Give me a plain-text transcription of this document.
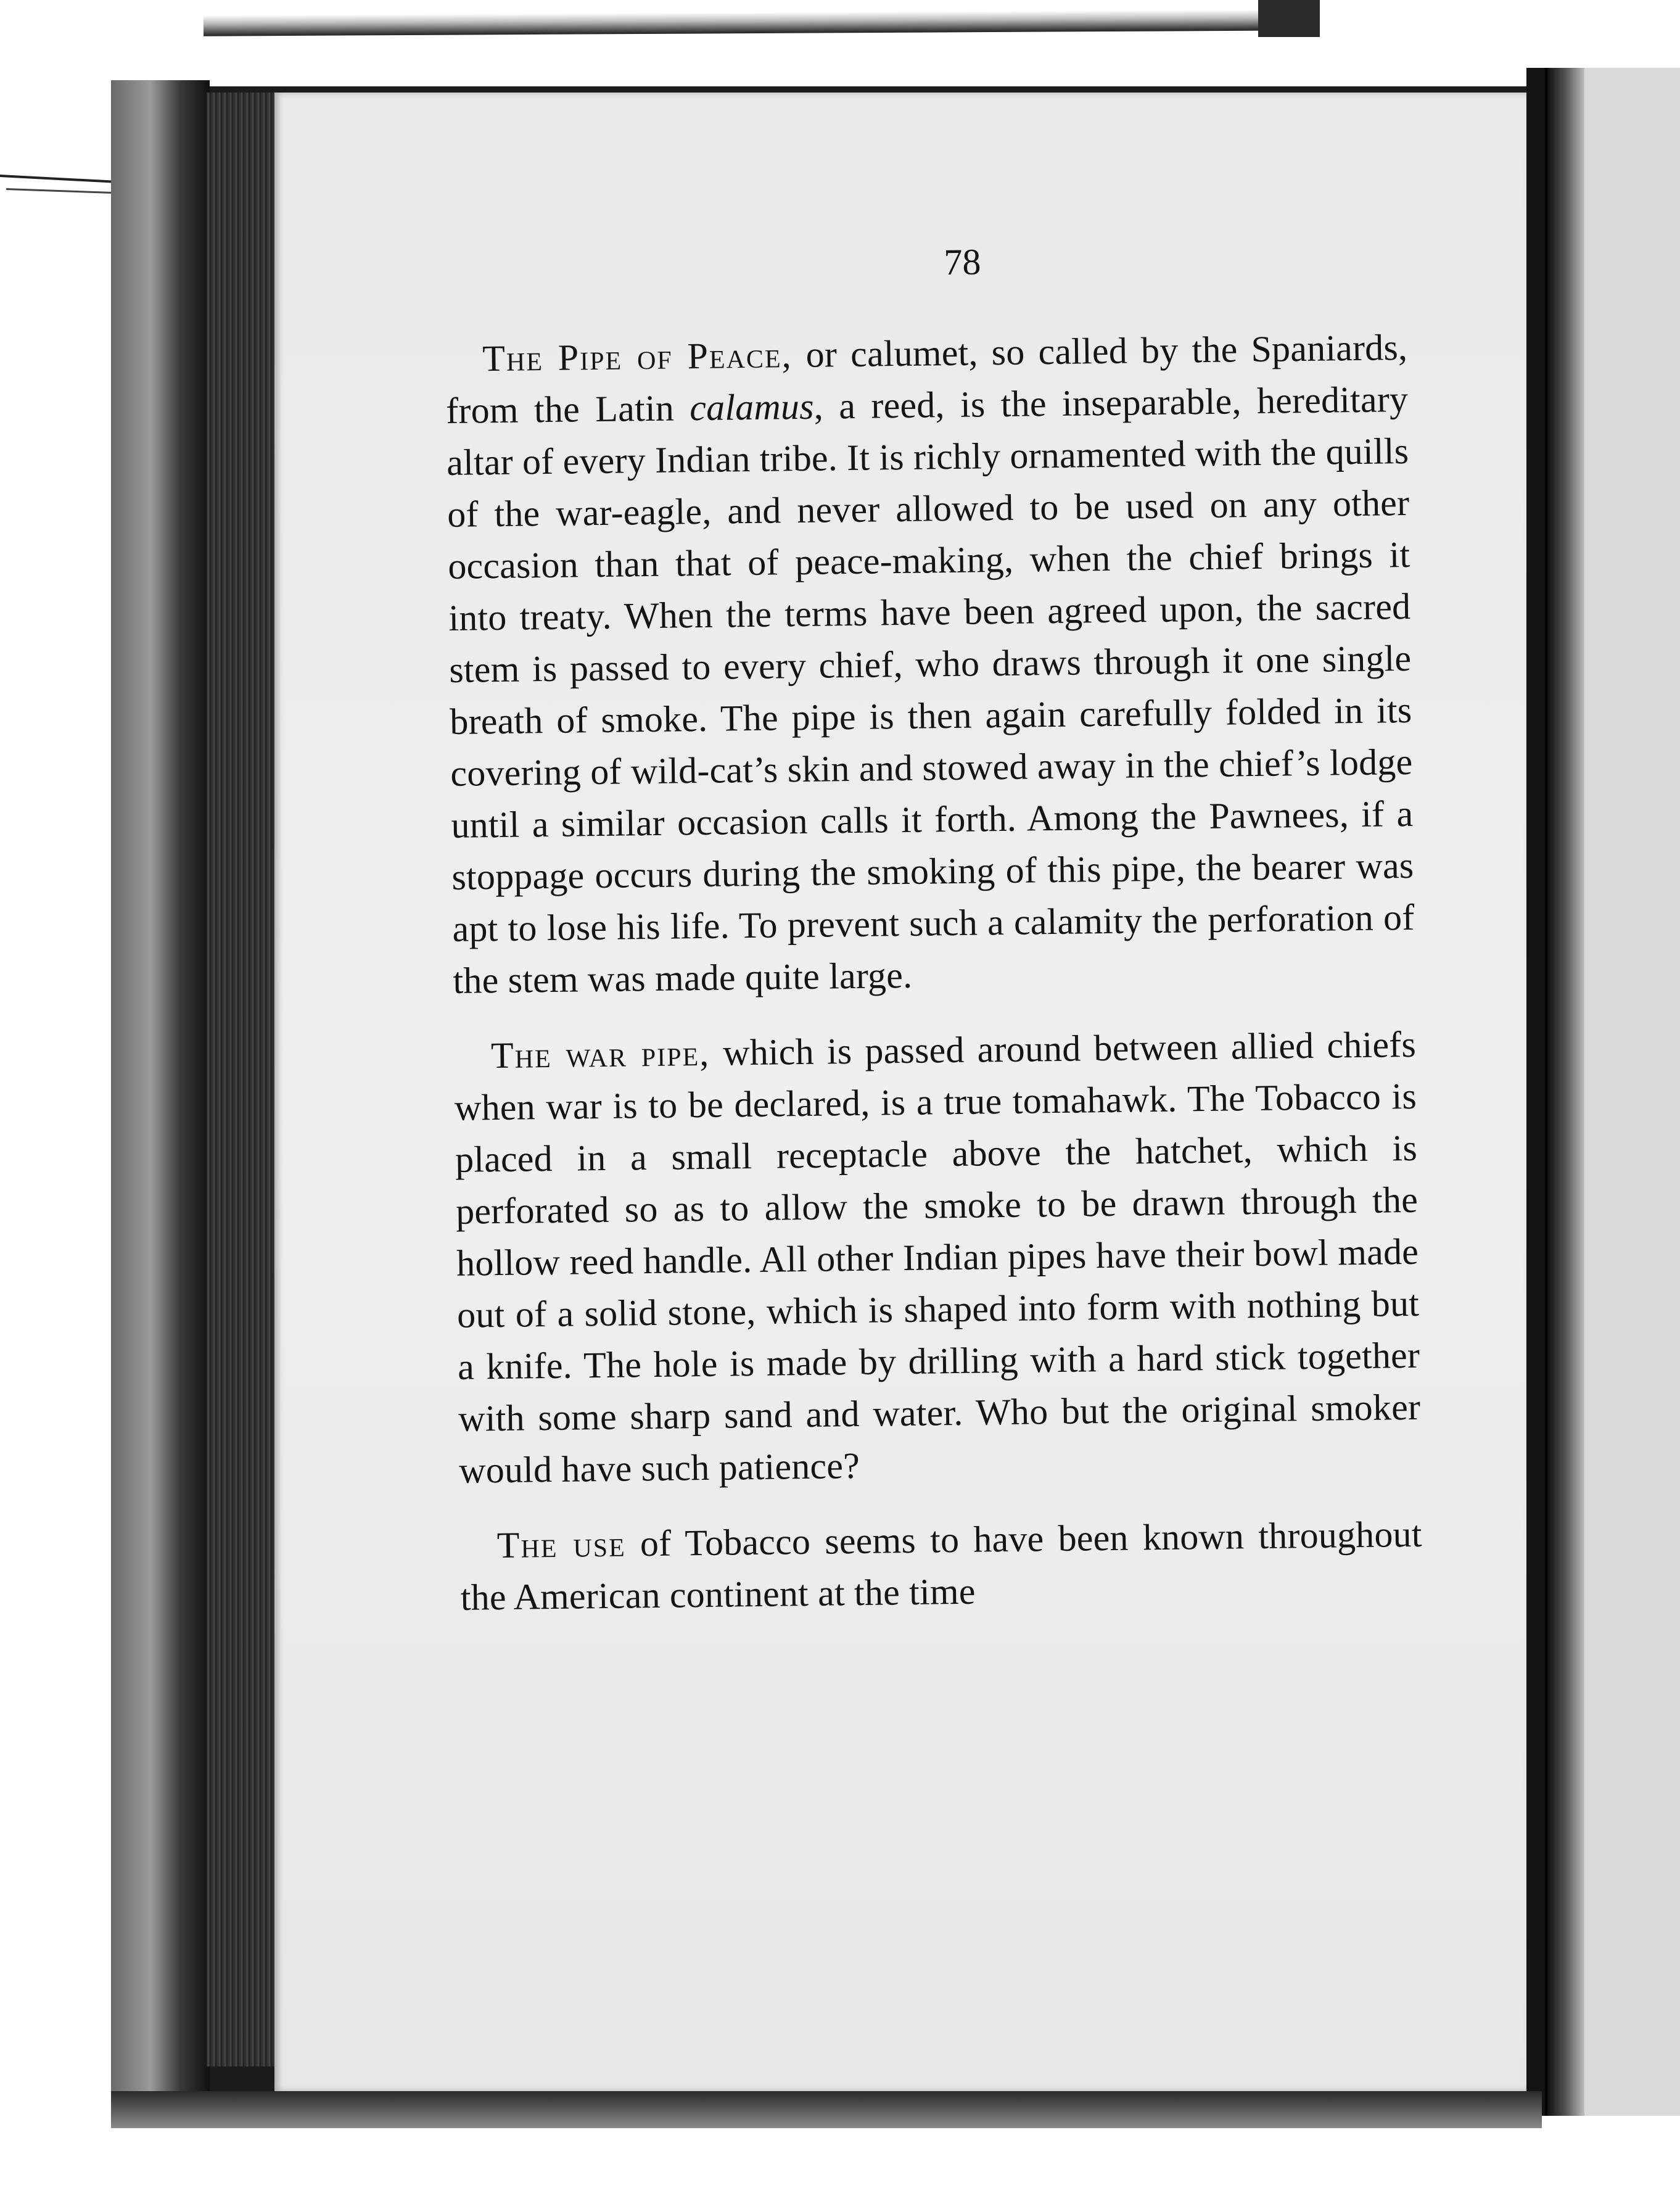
78

The Pipe of Peace, or calumet, so called by the Spaniards, from the Latin calamus, a reed, is the inseparable, hereditary altar of every Indian tribe. It is richly ornamented with the quills of the war-eagle, and never allowed to be used on any other occasion than that of peace-making, when the chief brings it into treaty. When the terms have been agreed upon, the sacred stem is passed to every chief, who draws through it one single breath of smoke. The pipe is then again carefully folded in its covering of wild-cat’s skin and stowed away in the chief’s lodge until a similar occasion calls it forth. Among the Pawnees, if a stoppage occurs during the smoking of this pipe, the bearer was apt to lose his life. To prevent such a calamity the perforation of the stem was made quite large.

The war pipe, which is passed around between allied chiefs when war is to be declared, is a true tomahawk. The Tobacco is placed in a small receptacle above the hatchet, which is perforated so as to allow the smoke to be drawn through the hollow reed handle. All other Indian pipes have their bowl made out of a solid stone, which is shaped into form with nothing but a knife. The hole is made by drilling with a hard stick together with some sharp sand and water. Who but the original smoker would have such patience?

The use of Tobacco seems to have been known throughout the American continent at the time
